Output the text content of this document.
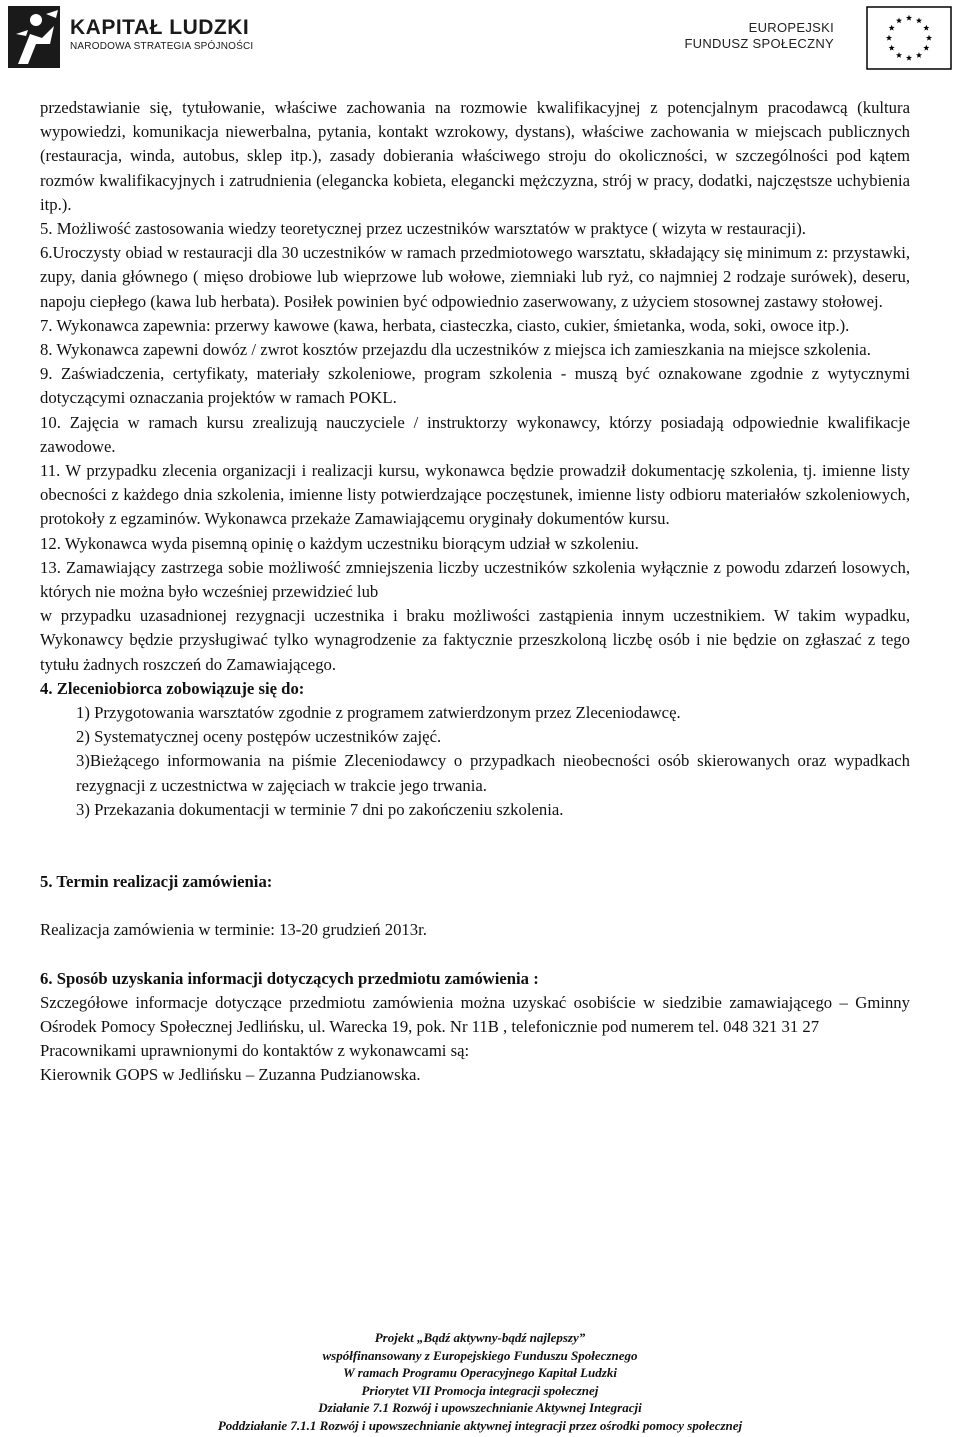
KAPITAŁ LUDZKI
NARODOWA STRATEGIA SPÓJNOŚCI
EUROPEJSKI
FUNDUSZ SPOŁECZNY

przedstawianie się, tytułowanie, właściwe zachowania na rozmowie kwalifikacyjnej z potencjalnym pracodawcą (kultura wypowiedzi, komunikacja niewerbalna, pytania, kontakt wzrokowy, dystans), właściwe zachowania w miejscach publicznych (restauracja, winda, autobus, sklep itp.), zasady dobierania właściwego stroju do okoliczności, w szczególności pod kątem rozmów kwalifikacyjnych i zatrudnienia (elegancka kobieta, elegancki mężczyzna, strój w pracy, dodatki, najczęstsze uchybienia itp.).

5. Możliwość zastosowania wiedzy teoretycznej przez uczestników warsztatów w praktyce ( wizyta w restauracji).

6.Uroczysty obiad w restauracji dla 30 uczestników w ramach przedmiotowego warsztatu, składający się minimum z: przystawki, zupy, dania głównego ( mięso drobiowe lub wieprzowe lub wołowe, ziemniaki lub ryż, co najmniej 2 rodzaje surówek), deseru, napoju ciepłego (kawa lub herbata). Posiłek powinien być odpowiednio zaserwowany, z użyciem stosownej zastawy stołowej.

7. Wykonawca zapewnia: przerwy kawowe (kawa, herbata, ciasteczka, ciasto, cukier, śmietanka, woda, soki, owoce itp.).

8. Wykonawca zapewni dowóz / zwrot kosztów przejazdu dla uczestników z miejsca ich zamieszkania na miejsce szkolenia.

9. Zaświadczenia, certyfikaty, materiały szkoleniowe, program szkolenia - muszą być oznakowane zgodnie z wytycznymi dotyczącymi oznaczania projektów w ramach POKL.

10. Zajęcia w ramach kursu zrealizują nauczyciele / instruktorzy wykonawcy, którzy posiadają odpowiednie kwalifikacje zawodowe.

11. W przypadku zlecenia organizacji i realizacji kursu, wykonawca będzie prowadził dokumentację szkolenia, tj. imienne listy obecności z każdego dnia szkolenia, imienne listy potwierdzające poczęstunek, imienne listy odbioru materiałów szkoleniowych, protokoły z egzaminów. Wykonawca przekaże Zamawiającemu oryginały dokumentów kursu.

12. Wykonawca wyda pisemną opinię o każdym uczestniku biorącym udział w szkoleniu.

13. Zamawiający zastrzega sobie możliwość zmniejszenia liczby uczestników szkolenia wyłącznie z powodu zdarzeń losowych, których nie można było wcześniej przewidzieć lub

w przypadku uzasadnionej rezygnacji uczestnika i braku możliwości zastąpienia innym uczestnikiem. W takim wypadku, Wykonawcy będzie przysługiwać tylko wynagrodzenie za faktycznie przeszkoloną liczbę osób i nie będzie on zgłaszać z tego tytułu żadnych roszczeń do Zamawiającego.

4. Zleceniobiorca zobowiązuje się do:

1) Przygotowania warsztatów zgodnie z programem zatwierdzonym przez Zleceniodawcę.

2) Systematycznej oceny postępów uczestników zajęć.

3)Bieżącego informowania na piśmie Zleceniodawcy o przypadkach nieobecności osób skierowanych oraz wypadkach rezygnacji z uczestnictwa w zajęciach w trakcie jego trwania.

3) Przekazania dokumentacji w terminie 7 dni po zakończeniu szkolenia.

5. Termin realizacji zamówienia:

Realizacja zamówienia w terminie: 13-20 grudzień 2013r.

6. Sposób uzyskania informacji dotyczących przedmiotu zamówienia :

Szczegółowe informacje dotyczące przedmiotu zamówienia można uzyskać osobiście w siedzibie zamawiającego – Gminny Ośrodek Pomocy Społecznej Jedlińsku, ul. Warecka 19, pok. Nr 11B , telefonicznie pod numerem tel. 048 321 31 27

Pracownikami uprawnionymi do kontaktów z wykonawcami są:

Kierownik GOPS w Jedlińsku – Zuzanna Pudzianowska.

Projekt „Bądź aktywny-bądź najlepszy”
współfinansowany z Europejskiego Funduszu Społecznego
W ramach Programu Operacyjnego Kapitał Ludzki
Priorytet VII Promocja integracji społecznej
Działanie 7.1 Rozwój i upowszechnianie Aktywnej Integracji
Poddziałanie 7.1.1 Rozwój i upowszechnianie aktywnej integracji przez ośrodki pomocy społecznej
